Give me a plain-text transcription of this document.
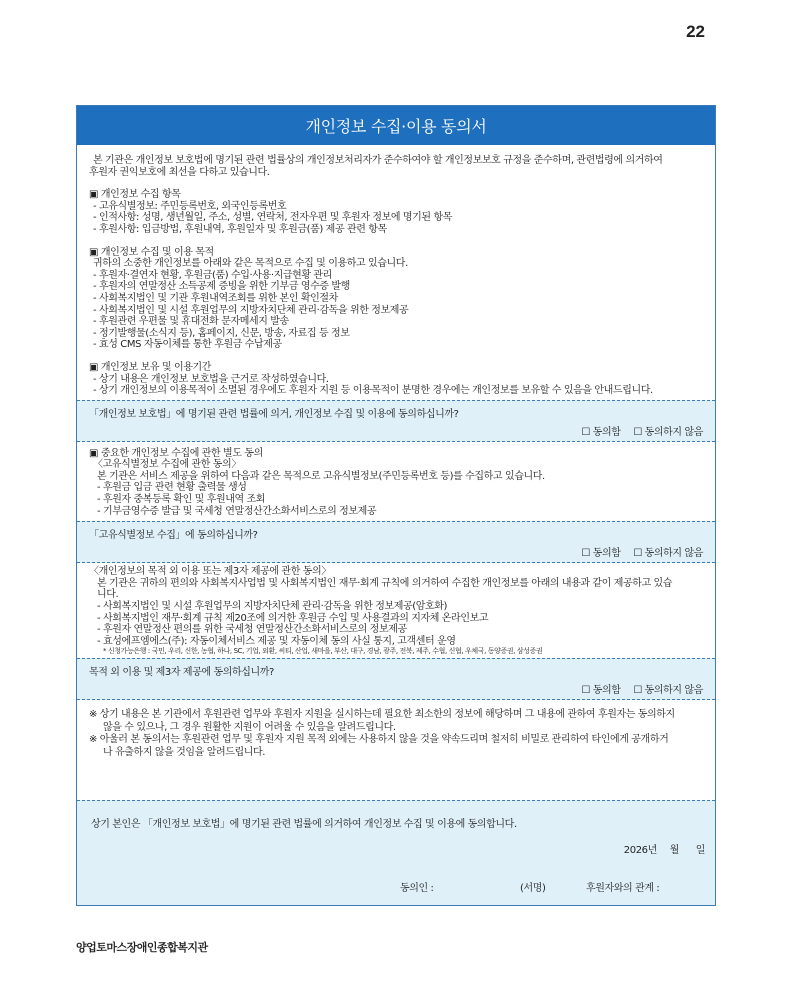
22
개인정보 수집·이용 동의서

본 기관은 개인정보 보호법에 명기된 관련 법률상의 개인정보처리자가 준수하여야 할 개인정보보호 규정을 준수하며, 관련법령에 의거하여

후원자 권익보호에 최선을 다하고 있습니다.

▣ 개인정보 수집 항목

- 고유식별정보: 주민등록번호, 외국인등록번호

- 인적사항: 성명, 생년월일, 주소, 성별, 연락처, 전자우편 및 후원자 정보에 명기된 항목

- 후원사항: 입금방법, 후원내역, 후원일자 및 후원금(품) 제공 관련 항목

▣ 개인정보 수집 및 이용 목적

귀하의 소중한 개인정보를 아래와 같은 목적으로 수집 및 이용하고 있습니다.

- 후원자·결연자 현황, 후원금(품) 수입·사용·지급현황 관리

- 후원자의 연말정산 소득공제 증빙을 위한 기부금 영수증 발행

- 사회복지법인 및 기관 후원내역조회를 위한 본인 확인절차

- 사회복지법인 및 시설 후원업무의 지방자치단체 관리·감독을 위한 정보제공

- 후원관련 우편물 및 휴대전화 문자메세지 발송

- 정기발행물(소식지 등), 홈페이지, 신문, 방송, 자료집 등 정보

- 효성 CMS 자동이체를 통한 후원금 수납제공

▣ 개인정보 보유 및 이용기간

- 상기 내용은 개인정보 보호법을 근거로 작성하였습니다.

- 상기 개인정보의 이용목적이 소멸된 경우에도 후원자 지원 등 이용목적이 분명한 경우에는 개인정보를 보유할 수 있음을 안내드립니다.

「개인정보 보호법」에 명기된 관련 법률에 의거, 개인정보 수집 및 이용에 동의하십니까?
☐ 동의함 ☐ 동의하지 않음

▣ 중요한 개인정보 수집에 관한 별도 동의

〈고유식별정보 수집에 관한 동의〉

본 기관은 서비스 제공을 위하여 다음과 같은 목적으로 고유식별정보(주민등록번호 등)를 수집하고 있습니다.

- 후원금 입금 관련 현황 출력물 생성

- 후원자 중복등록 확인 및 후원내역 조회

- 기부금영수증 발급 및 국세청 연말정산간소화서비스로의 정보제공

「고유식별정보 수집」에 동의하십니까?
☐ 동의함 ☐ 동의하지 않음

〈개인정보의 목적 외 이용 또는 제3자 제공에 관한 동의〉

본 기관은 귀하의 편의와 사회복지사업법 및 사회복지법인 재무·회계 규칙에 의거하여 수집한 개인정보를 아래의 내용과 같이 제공하고 있습

니다.

- 사회복지법인 및 시설 후원업무의 지방자치단체 관리·감독을 위한 정보제공(암호화)

- 사회복지법인 재무·회계 규칙 제20조에 의거한 후원금 수입 및 사용결과의 지자체 온라인보고

- 후원자 연말정산 편의를 위한 국세청 연말정산간소화서비스로의 정보제공

- 효성에프엠에스(주): 자동이체서비스 제공 및 자동이체 동의 사실 통지, 고객센터 운영

* 신청가능은행 : 국민, 우리, 신한, 농협, 하나, SC, 기업, 외환, 씨티, 산업, 새마을, 부산, 대구, 경남, 광주, 전북, 제주, 수협, 신협, 우체국, 동양증권, 삼성증권

목적 외 이용 및 제3자 제공에 동의하십니까?
☐ 동의함 ☐ 동의하지 않음

※ 상기 내용은 본 기관에서 후원관련 업무와 후원자 지원을 실시하는데 필요한 최소한의 정보에 해당하며 그 내용에 관하여 후원자는 동의하지

않을 수 있으나, 그 경우 원활한 지원이 어려울 수 있음을 알려드립니다.

※ 아울러 본 동의서는 후원관련 업무 및 후원자 지원 목적 외에는 사용하지 않을 것을 약속드리며 철저히 비밀로 관리하여 타인에게 공개하거

나 유출하지 않을 것임을 알려드립니다.

상기 본인은 「개인정보 보호법」에 명기된 관련 법률에 의거하여 개인정보 수집 및 이용에 동의합니다.
2026년 월 일
동의인 :	(서명)	후원자와의 관계 :
양업토마스장애인종합복지관
